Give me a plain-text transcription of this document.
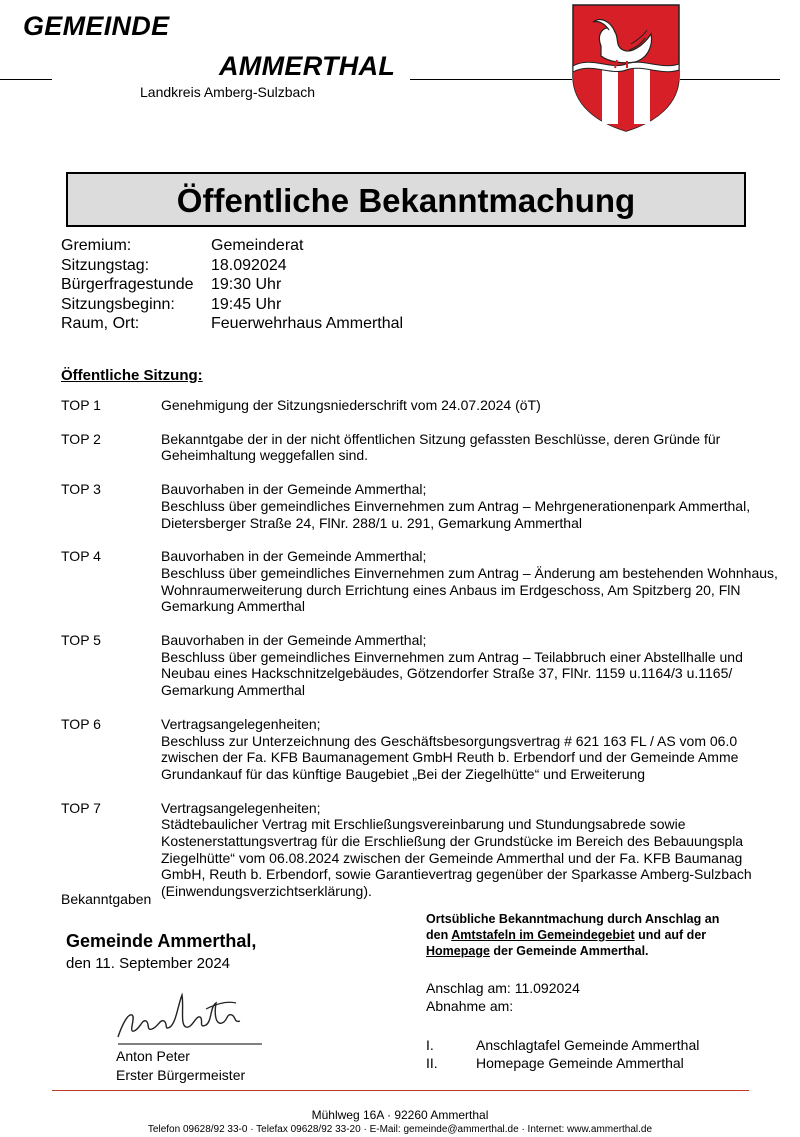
GEMEINDE
AMMERTHAL
Landkreis Amberg-Sulzbach
Öffentliche Bekanntmachung
Gremium:	Gemeinderat
Sitzungstag:	18.092024
Bürgerfragestunde	19:30 Uhr
Sitzungsbeginn:	19:45 Uhr
Raum, Ort:	Feuerwehrhaus Ammerthal
Öffentliche Sitzung:
TOP 1	Genehmigung der Sitzungsniederschrift vom 24.07.2024 (öT)
TOP 2	Bekanntgabe der in der nicht öffentlichen Sitzung gefassten Beschlüsse, deren Gründe für
Geheimhaltung weggefallen sind.
TOP 3	Bauvorhaben in der Gemeinde Ammerthal;
Beschluss über gemeindliches Einvernehmen zum Antrag – Mehrgenerationenpark Ammerthal,
Dietersberger Straße 24, FlNr. 288/1 u. 291, Gemarkung Ammerthal
TOP 4	Bauvorhaben in der Gemeinde Ammerthal;
Beschluss über gemeindliches Einvernehmen zum Antrag – Änderung am bestehenden Wohnhaus,
Wohnraumerweiterung durch Errichtung eines Anbaus im Erdgeschoss, Am Spitzberg 20, FlN
Gemarkung Ammerthal
TOP 5	Bauvorhaben in der Gemeinde Ammerthal;
Beschluss über gemeindliches Einvernehmen zum Antrag – Teilabbruch einer Abstellhalle und
Neubau eines Hackschnitzelgebäudes, Götzendorfer Straße 37, FlNr. 1159 u.1164/3 u.1165/
Gemarkung Ammerthal
TOP 6	Vertragsangelegenheiten;
Beschluss zur Unterzeichnung des Geschäftsbesorgungsvertrag # 621 163 FL / AS vom 06.0
zwischen der Fa. KFB Baumanagement GmbH Reuth b. Erbendorf und der Gemeinde Amme
Grundankauf für das künftige Baugebiet „Bei der Ziegelhütte“ und Erweiterung
TOP 7	Vertragsangelegenheiten;
Städtebaulicher Vertrag mit Erschließungsvereinbarung und Stundungsabrede sowie
Kostenerstattungsvertrag für die Erschließung der Grundstücke im Bereich des Bebauungspla
Ziegelhütte“ vom 06.08.2024 zwischen der Gemeinde Ammerthal und der Fa. KFB Baumanag
GmbH, Reuth b. Erbendorf, sowie Garantievertrag gegenüber der Sparkasse Amberg-Sulzbach
(Einwendungsverzichtserklärung).
Bekanntgaben
Gemeinde Ammerthal,
den 11. September 2024
Anton Peter
Erster Bürgermeister
Ortsübliche Bekanntmachung durch Anschlag an
den Amtstafeln im Gemeindegebiet und auf der
Homepage der Gemeinde Ammerthal.
Anschlag am: 11.092024
Abnahme am:
I.	Anschlagtafel Gemeinde Ammerthal
II.	Homepage Gemeinde Ammerthal
Mühlweg 16A · 92260 Ammerthal
Telefon 09628/92 33-0 · Telefax 09628/92 33-20 · E-Mail: gemeinde@ammerthal.de · Internet: www.ammerthal.de
